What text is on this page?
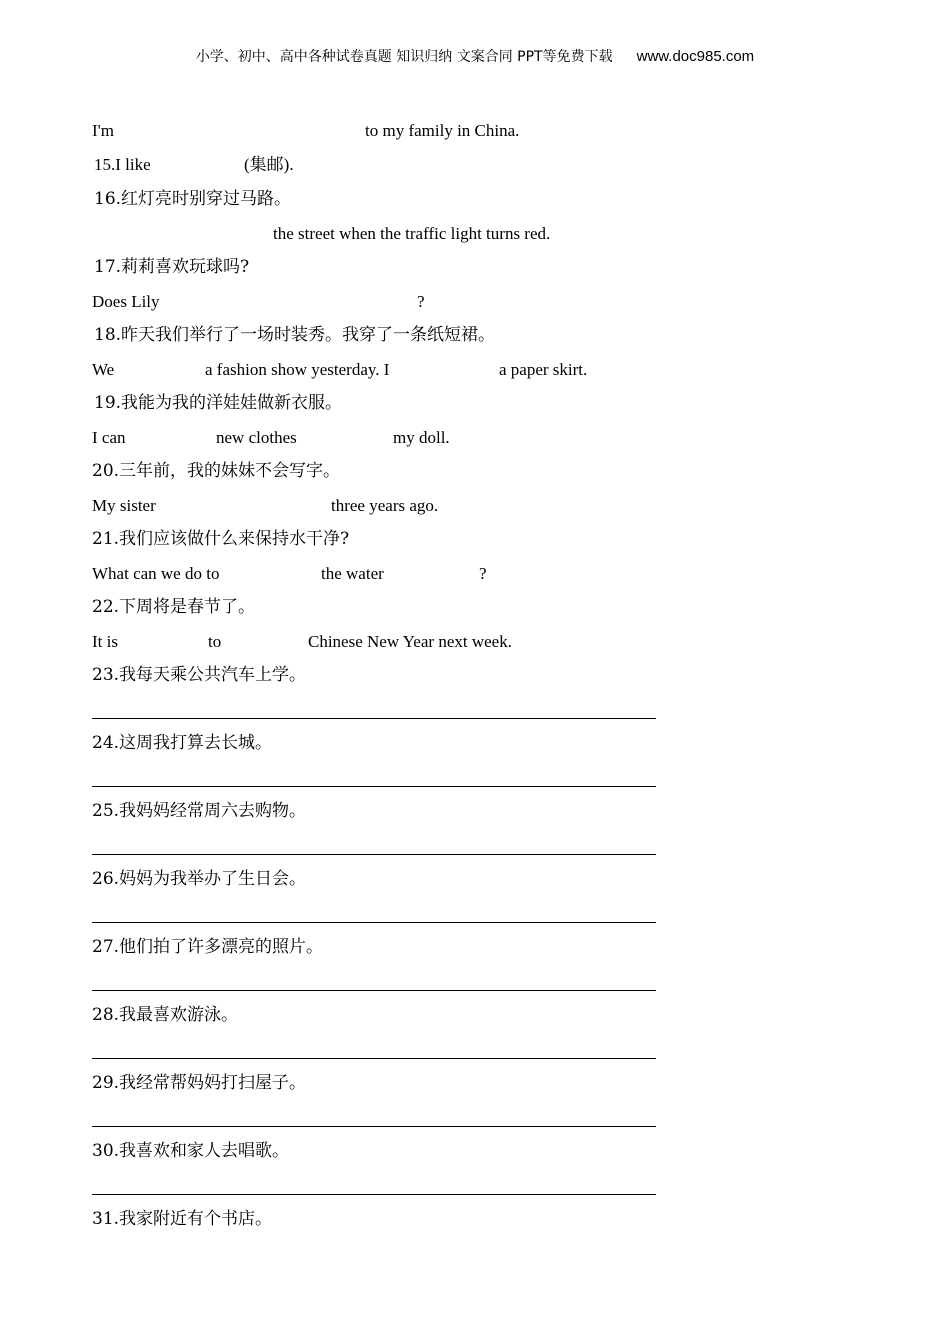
小学、初中、高中各种试卷真题 知识归纳 文案合同 PPT等免费下载 www.doc985.com
I'm	to my family in China.
15.I like	(集邮).
16.红灯亮时别穿过马路。
the street when the traffic light turns red.
17.莉莉喜欢玩球吗?
Does Lily	?
18.昨天我们举行了一场时装秀。我穿了一条纸短裙。
We	a fashion show yesterday. I	a paper skirt.
19.我能为我的洋娃娃做新衣服。
I can	new clothes	my doll.
20.三年前，我的妹妹不会写字。
My sister	three years ago.
21.我们应该做什么来保持水干净?
What can we do to	the water	?
22.下周将是春节了。
It is	to	Chinese New Year next week.
23.我每天乘公共汽车上学。
24.这周我打算去长城。
25.我妈妈经常周六去购物。
26.妈妈为我举办了生日会。
27.他们拍了许多漂亮的照片。
28.我最喜欢游泳。
29.我经常帮妈妈打扫屋子。
30.我喜欢和家人去唱歌。
31.我家附近有个书店。
